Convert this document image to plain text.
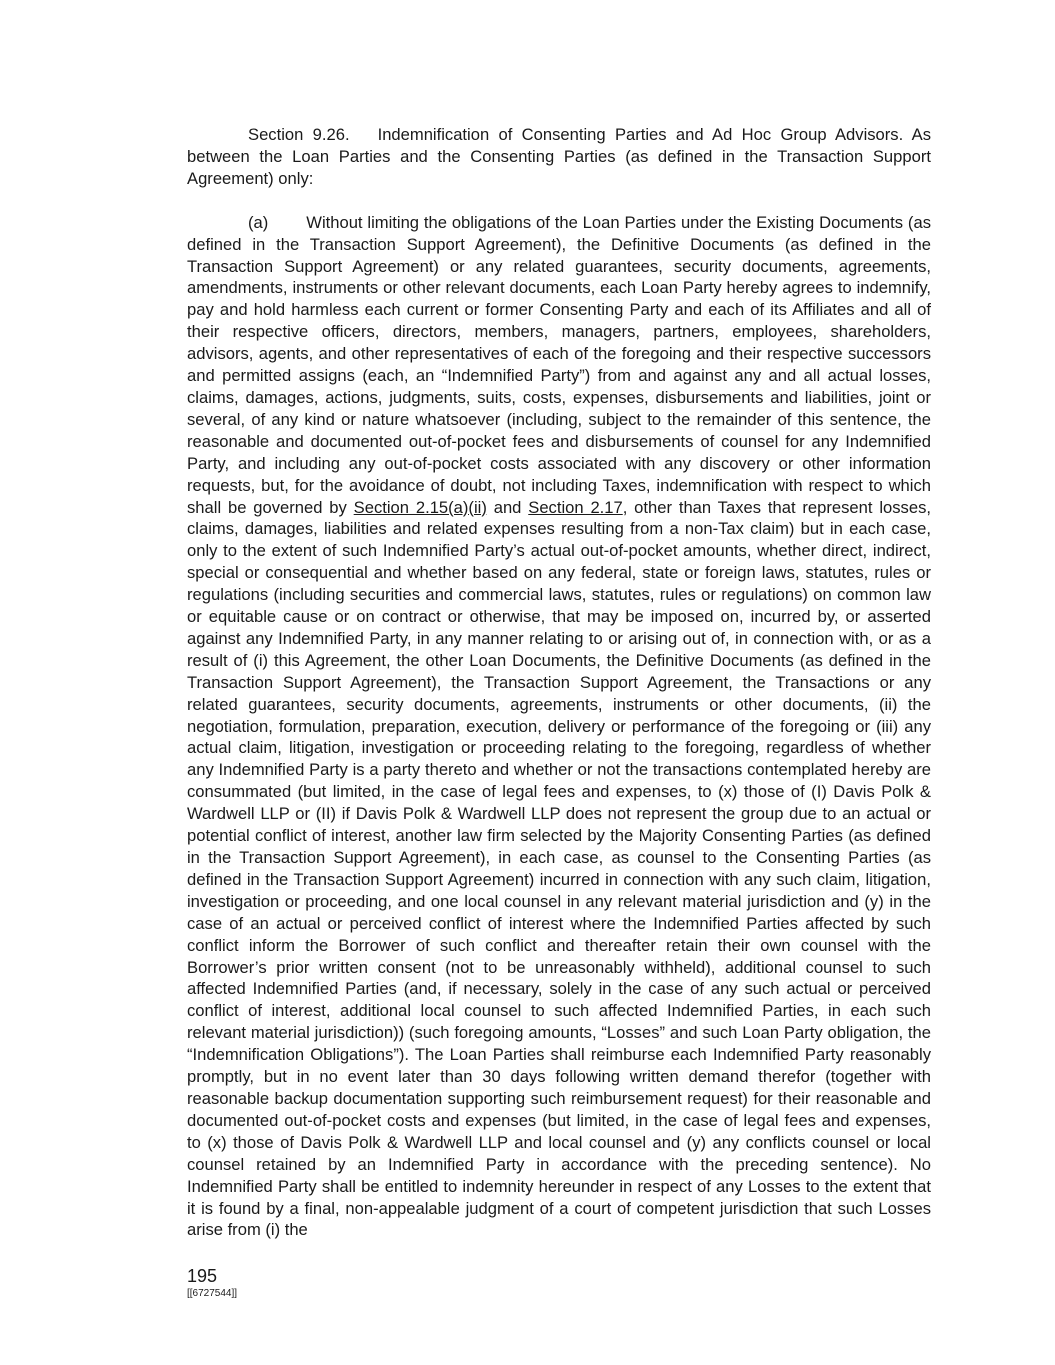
Section 9.26. Indemnification of Consenting Parties and Ad Hoc Group Advisors. As between the Loan Parties and the Consenting Parties (as defined in the Transaction Support Agreement) only:

(a) Without limiting the obligations of the Loan Parties under the Existing Documents (as defined in the Transaction Support Agreement), the Definitive Documents (as defined in the Transaction Support Agreement) or any related guarantees, security documents, agreements, amendments, instruments or other relevant documents, each Loan Party hereby agrees to indemnify, pay and hold harmless each current or former Consenting Party and each of its Affiliates and all of their respective officers, directors, members, managers, partners, employees, shareholders, advisors, agents, and other representatives of each of the foregoing and their respective successors and permitted assigns (each, an “Indemnified Party”) from and against any and all actual losses, claims, damages, actions, judgments, suits, costs, expenses, disbursements and liabilities, joint or several, of any kind or nature whatsoever (including, subject to the remainder of this sentence, the reasonable and documented out-of-pocket fees and disbursements of counsel for any Indemnified Party, and including any out-of-pocket costs associated with any discovery or other information requests, but, for the avoidance of doubt, not including Taxes, indemnification with respect to which shall be governed by Section 2.15(a)(ii) and Section 2.17, other than Taxes that represent losses, claims, damages, liabilities and related expenses resulting from a non-Tax claim) but in each case, only to the extent of such Indemnified Party’s actual out-of-pocket amounts, whether direct, indirect, special or consequential and whether based on any federal, state or foreign laws, statutes, rules or regulations (including securities and commercial laws, statutes, rules or regulations) on common law or equitable cause or on contract or otherwise, that may be imposed on, incurred by, or asserted against any Indemnified Party, in any manner relating to or arising out of, in connection with, or as a result of (i) this Agreement, the other Loan Documents, the Definitive Documents (as defined in the Transaction Support Agreement), the Transaction Support Agreement, the Transactions or any related guarantees, security documents, agreements, instruments or other documents, (ii) the negotiation, formulation, preparation, execution, delivery or performance of the foregoing or (iii) any actual claim, litigation, investigation or proceeding relating to the foregoing, regardless of whether any Indemnified Party is a party thereto and whether or not the transactions contemplated hereby are consummated (but limited, in the case of legal fees and expenses, to (x) those of (I) Davis Polk & Wardwell LLP or (II) if Davis Polk & Wardwell LLP does not represent the group due to an actual or potential conflict of interest, another law firm selected by the Majority Consenting Parties (as defined in the Transaction Support Agreement), in each case, as counsel to the Consenting Parties (as defined in the Transaction Support Agreement) incurred in connection with any such claim, litigation, investigation or proceeding, and one local counsel in any relevant material jurisdiction and (y) in the case of an actual or perceived conflict of interest where the Indemnified Parties affected by such conflict inform the Borrower of such conflict and thereafter retain their own counsel with the Borrower’s prior written consent (not to be unreasonably withheld), additional counsel to such affected Indemnified Parties (and, if necessary, solely in the case of any such actual or perceived conflict of interest, additional local counsel to such affected Indemnified Parties, in each such relevant material jurisdiction)) (such foregoing amounts, “Losses” and such Loan Party obligation, the “Indemnification Obligations”). The Loan Parties shall reimburse each Indemnified Party reasonably promptly, but in no event later than 30 days following written demand therefor (together with reasonable backup documentation supporting such reimbursement request) for their reasonable and documented out-of-pocket costs and expenses (but limited, in the case of legal fees and expenses, to (x) those of Davis Polk & Wardwell LLP and local counsel and (y) any conflicts counsel or local counsel retained by an Indemnified Party in accordance with the preceding sentence). No Indemnified Party shall be entitled to indemnity hereunder in respect of any Losses to the extent that it is found by a final, non-appealable judgment of a court of competent jurisdiction that such Losses arise from (i) the

195
[[6727544]]
